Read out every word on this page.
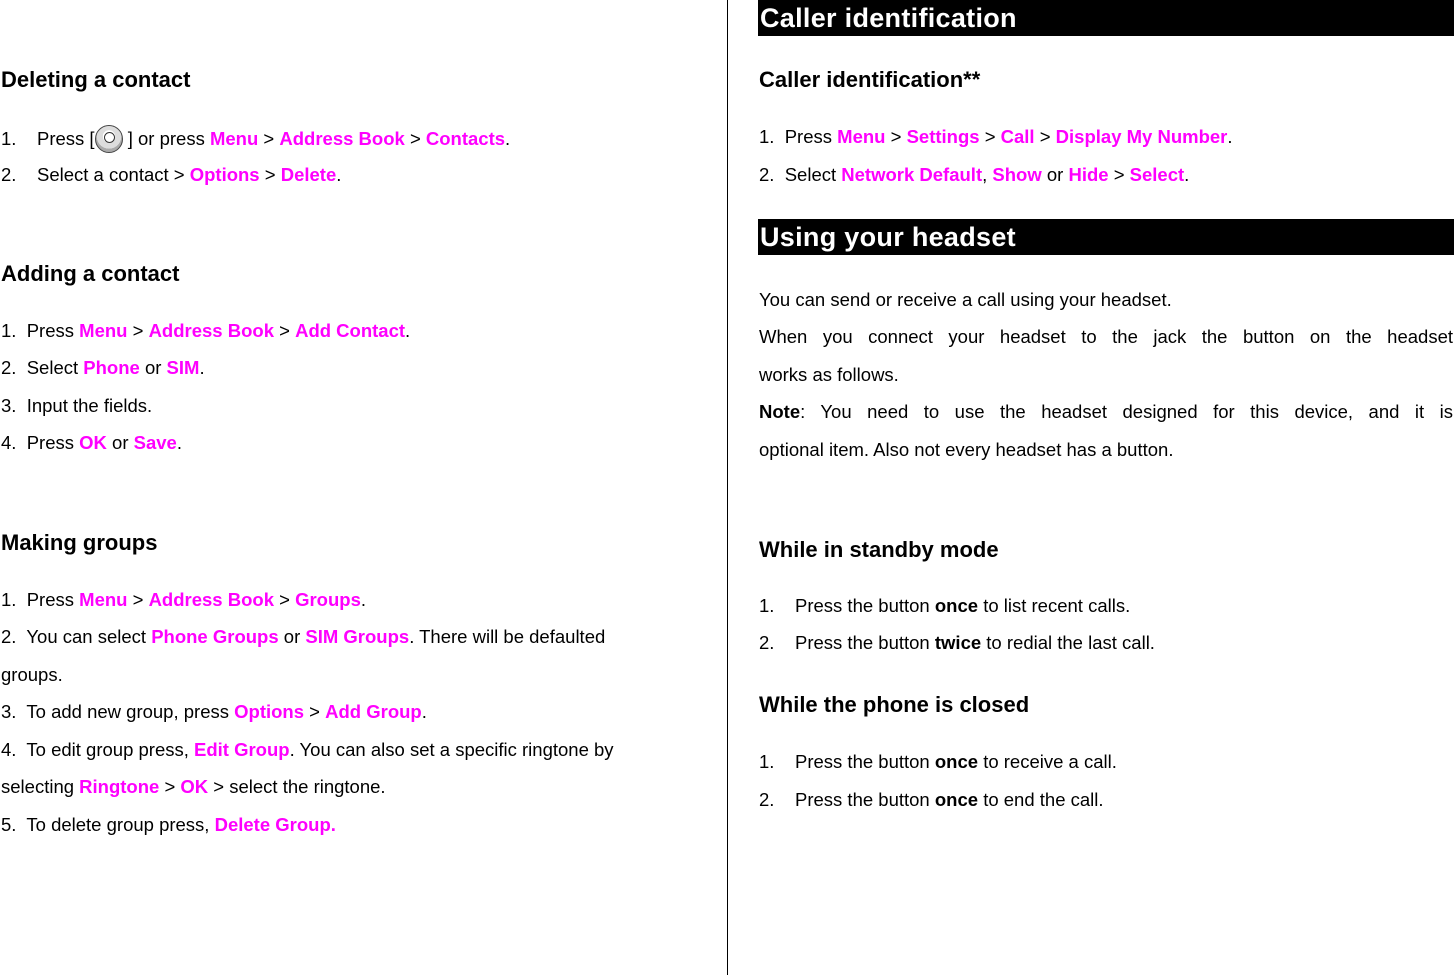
Deleting a contact
1. Press [ ] or press Menu > Address Book > Contacts.
2. Select a contact > Options > Delete.
Adding a contact
1. Press Menu > Address Book > Add Contact.
2. Select Phone or SIM.
3. Input the fields.
4. Press OK or Save.
Making groups
1. Press Menu > Address Book > Groups.
2. You can select Phone Groups or SIM Groups. There will be defaulted
groups.
3. To add new group, press Options > Add Group.
4. To edit group press, Edit Group. You can also set a specific ringtone by
selecting Ringtone > OK > select the ringtone.
5. To delete group press, Delete Group.
Caller identification
Caller identification**
1. Press Menu > Settings > Call > Display My Number.
2. Select Network Default, Show or Hide > Select.
Using your headset
You can send or receive a call using your headset.
When you connect your headset to the jack the button on the headset
works as follows.
Note: You need to use the headset designed for this device, and it is
optional item. Also not every headset has a button.
While in standby mode
1. Press the button once to list recent calls.
2. Press the button twice to redial the last call.
While the phone is closed
1. Press the button once to receive a call.
2. Press the button once to end the call.
